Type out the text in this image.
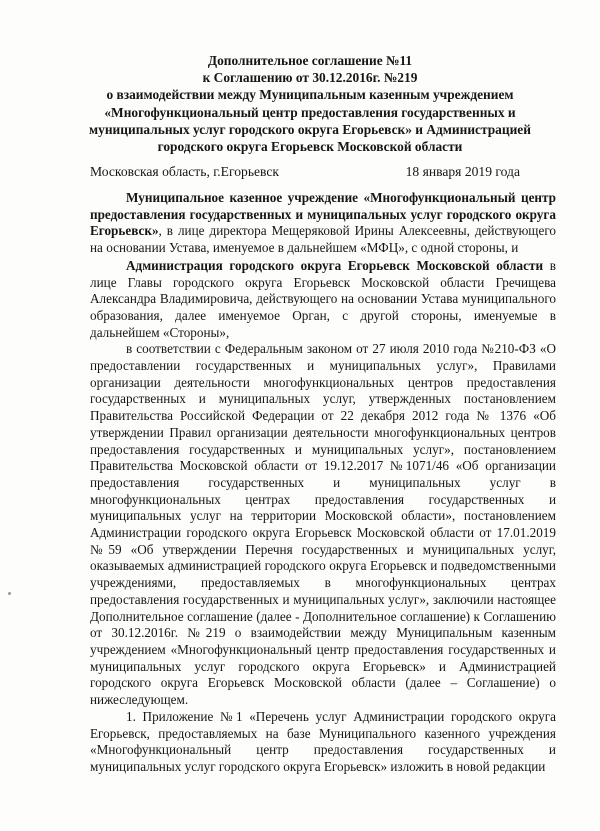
Дополнительное соглашение №11
к Соглашению от 30.12.2016г. №219
о взаимодействии между Муниципальным казенным учреждением «Многофункциональный центр предоставления государственных и муниципальных услуг городского округа Егорьевск» и Администрацией городского округа Егорьевск Московской области
Московская область, г.Егорьевск	18 января 2019 года

Муниципальное казенное учреждение «Многофункциональный центр предоставления государственных и муниципальных услуг городского округа Егорьевск», в лице директора Мещеряковой Ирины Алексеевны, действующего на основании Устава, именуемое в дальнейшем «МФЦ», с одной стороны, и

Администрация городского округа Егорьевск Московской области в лице Главы городского округа Егорьевск Московской области Гречищева Александра Владимировича, действующего на основании Устава муниципального образования, далее именуемое Орган, с другой стороны, именуемые в дальнейшем «Стороны»,

в соответствии с Федеральным законом от 27 июля 2010 года №210-ФЗ «О предоставлении государственных и муниципальных услуг», Правилами организации деятельности многофункциональных центров предоставления государственных и муниципальных услуг, утвержденных постановлением Правительства Российской Федерации от 22 декабря 2012 года № 1376 «Об утверждении Правил организации деятельности многофункциональных центров предоставления государственных и муниципальных услуг», постановлением Правительства Московской области от 19.12.2017 №1071/46 «Об организации предоставления государственных и муниципальных услуг в многофункциональных центрах предоставления государственных и муниципальных услуг на территории Московской области», постановлением Администрации городского округа Егорьевск Московской области от 17.01.2019 №59 «Об утверждении Перечня государственных и муниципальных услуг, оказываемых администрацией городского округа Егорьевск и подведомственными учреждениями, предоставляемых в многофункциональных центрах предоставления государственных и муниципальных услуг», заключили настоящее Дополнительное соглашение (далее - Дополнительное соглашение) к Соглашению от 30.12.2016г. №219 о взаимодействии между Муниципальным казенным учреждением «Многофункциональный центр предоставления государственных и муниципальных услуг городского округа Егорьевск» и Администрацией городского округа Егорьевск Московской области (далее – Соглашение) о нижеследующем.

1. Приложение №1 «Перечень услуг Администрации городского округа Егорьевск, предоставляемых на базе Муниципального казенного учреждения «Многофункциональный центр предоставления государственных и муниципальных услуг городского округа Егорьевск» изложить в новой редакции
